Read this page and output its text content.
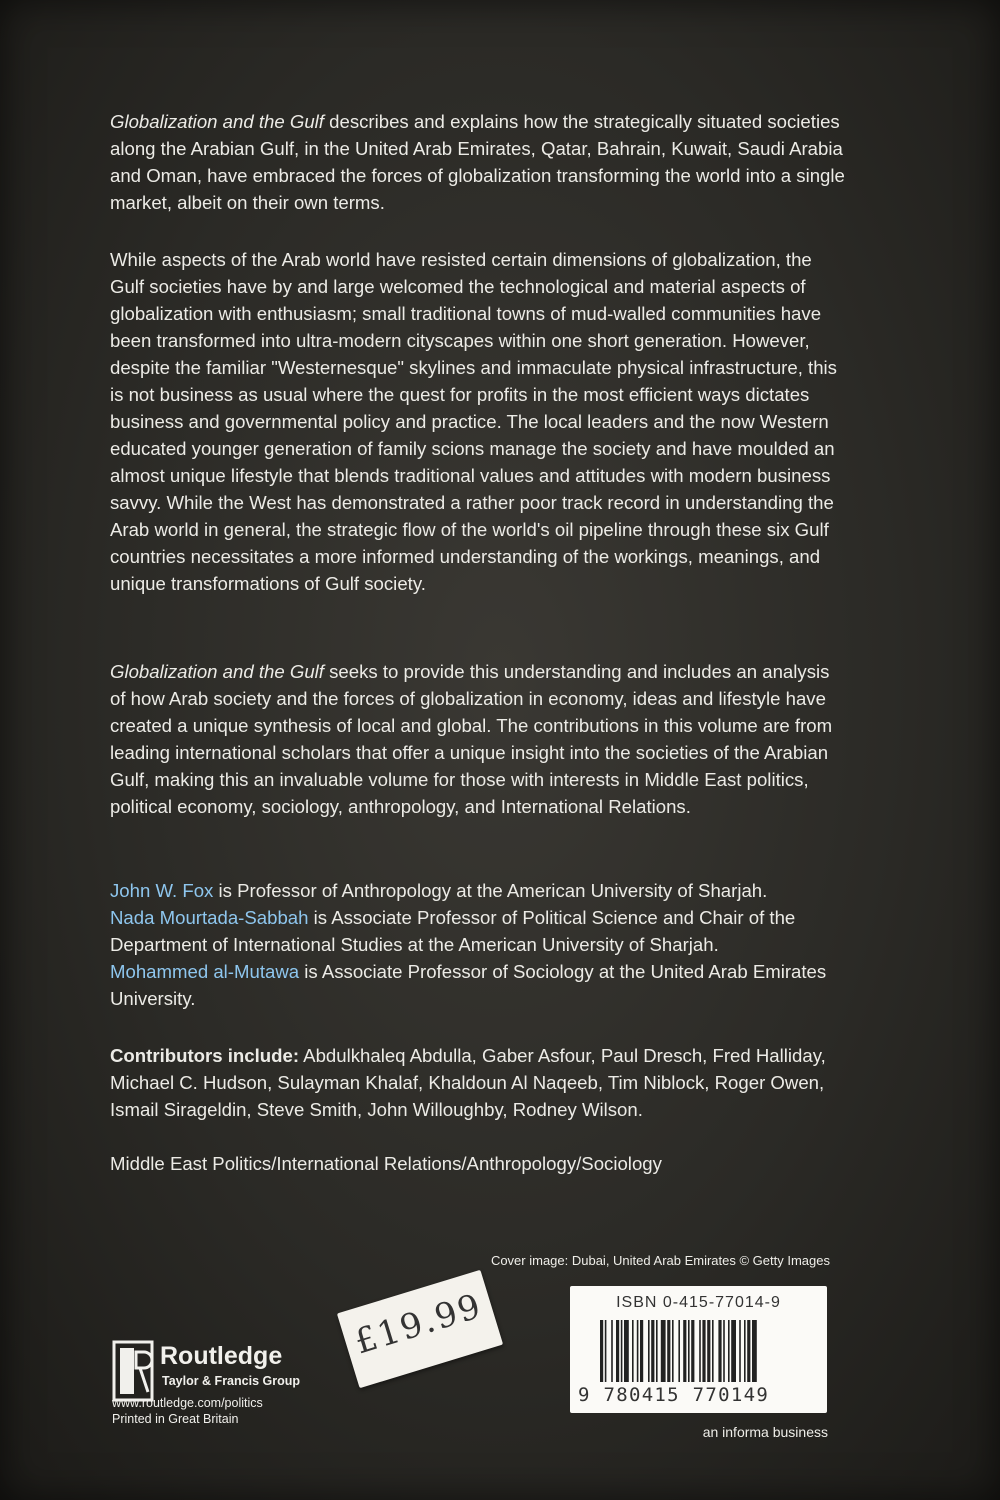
Globalization and the Gulf describes and explains how the strategically situated societies along the Arabian Gulf, in the United Arab Emirates, Qatar, Bahrain, Kuwait, Saudi Arabia and Oman, have embraced the forces of globalization transforming the world into a single market, albeit on their own terms.

While aspects of the Arab world have resisted certain dimensions of globalization, the Gulf societies have by and large welcomed the technological and material aspects of globalization with enthusiasm; small traditional towns of mud-walled communities have been transformed into ultra-modern cityscapes within one short generation. However, despite the familiar "Westernesque" skylines and immaculate physical infrastructure, this is not business as usual where the quest for profits in the most efficient ways dictates business and governmental policy and practice. The local leaders and the now Western educated younger generation of family scions manage the society and have moulded an almost unique lifestyle that blends traditional values and attitudes with modern business savvy. While the West has demonstrated a rather poor track record in understanding the Arab world in general, the strategic flow of the world's oil pipeline through these six Gulf countries necessitates a more informed understanding of the workings, meanings, and unique transformations of Gulf society.

Globalization and the Gulf seeks to provide this understanding and includes an analysis of how Arab society and the forces of globalization in economy, ideas and lifestyle have created a unique synthesis of local and global. The contributions in this volume are from leading international scholars that offer a unique insight into the societies of the Arabian Gulf, making this an invaluable volume for those with interests in Middle East politics, political economy, sociology, anthropology, and International Relations.

John W. Fox is Professor of Anthropology at the American University of Sharjah.
Nada Mourtada-Sabbah is Associate Professor of Political Science and Chair of the Department of International Studies at the American University of Sharjah.
Mohammed al-Mutawa is Associate Professor of Sociology at the United Arab Emirates University.

Contributors include: Abdulkhaleq Abdulla, Gaber Asfour, Paul Dresch, Fred Halliday, Michael C. Hudson, Sulayman Khalaf, Khaldoun Al Naqeeb, Tim Niblock, Roger Owen, Ismail Sirageldin, Steve Smith, John Willoughby, Rodney Wilson.

Middle East Politics/International Relations/Anthropology/Sociology

Cover image: Dubai, United Arab Emirates © Getty Images
£19.99
Routledge
Taylor & Francis Group
www.routledge.com/politics
Printed in Great Britain
ISBN 0-415-77014-9
9 780415 770149
an informa business
